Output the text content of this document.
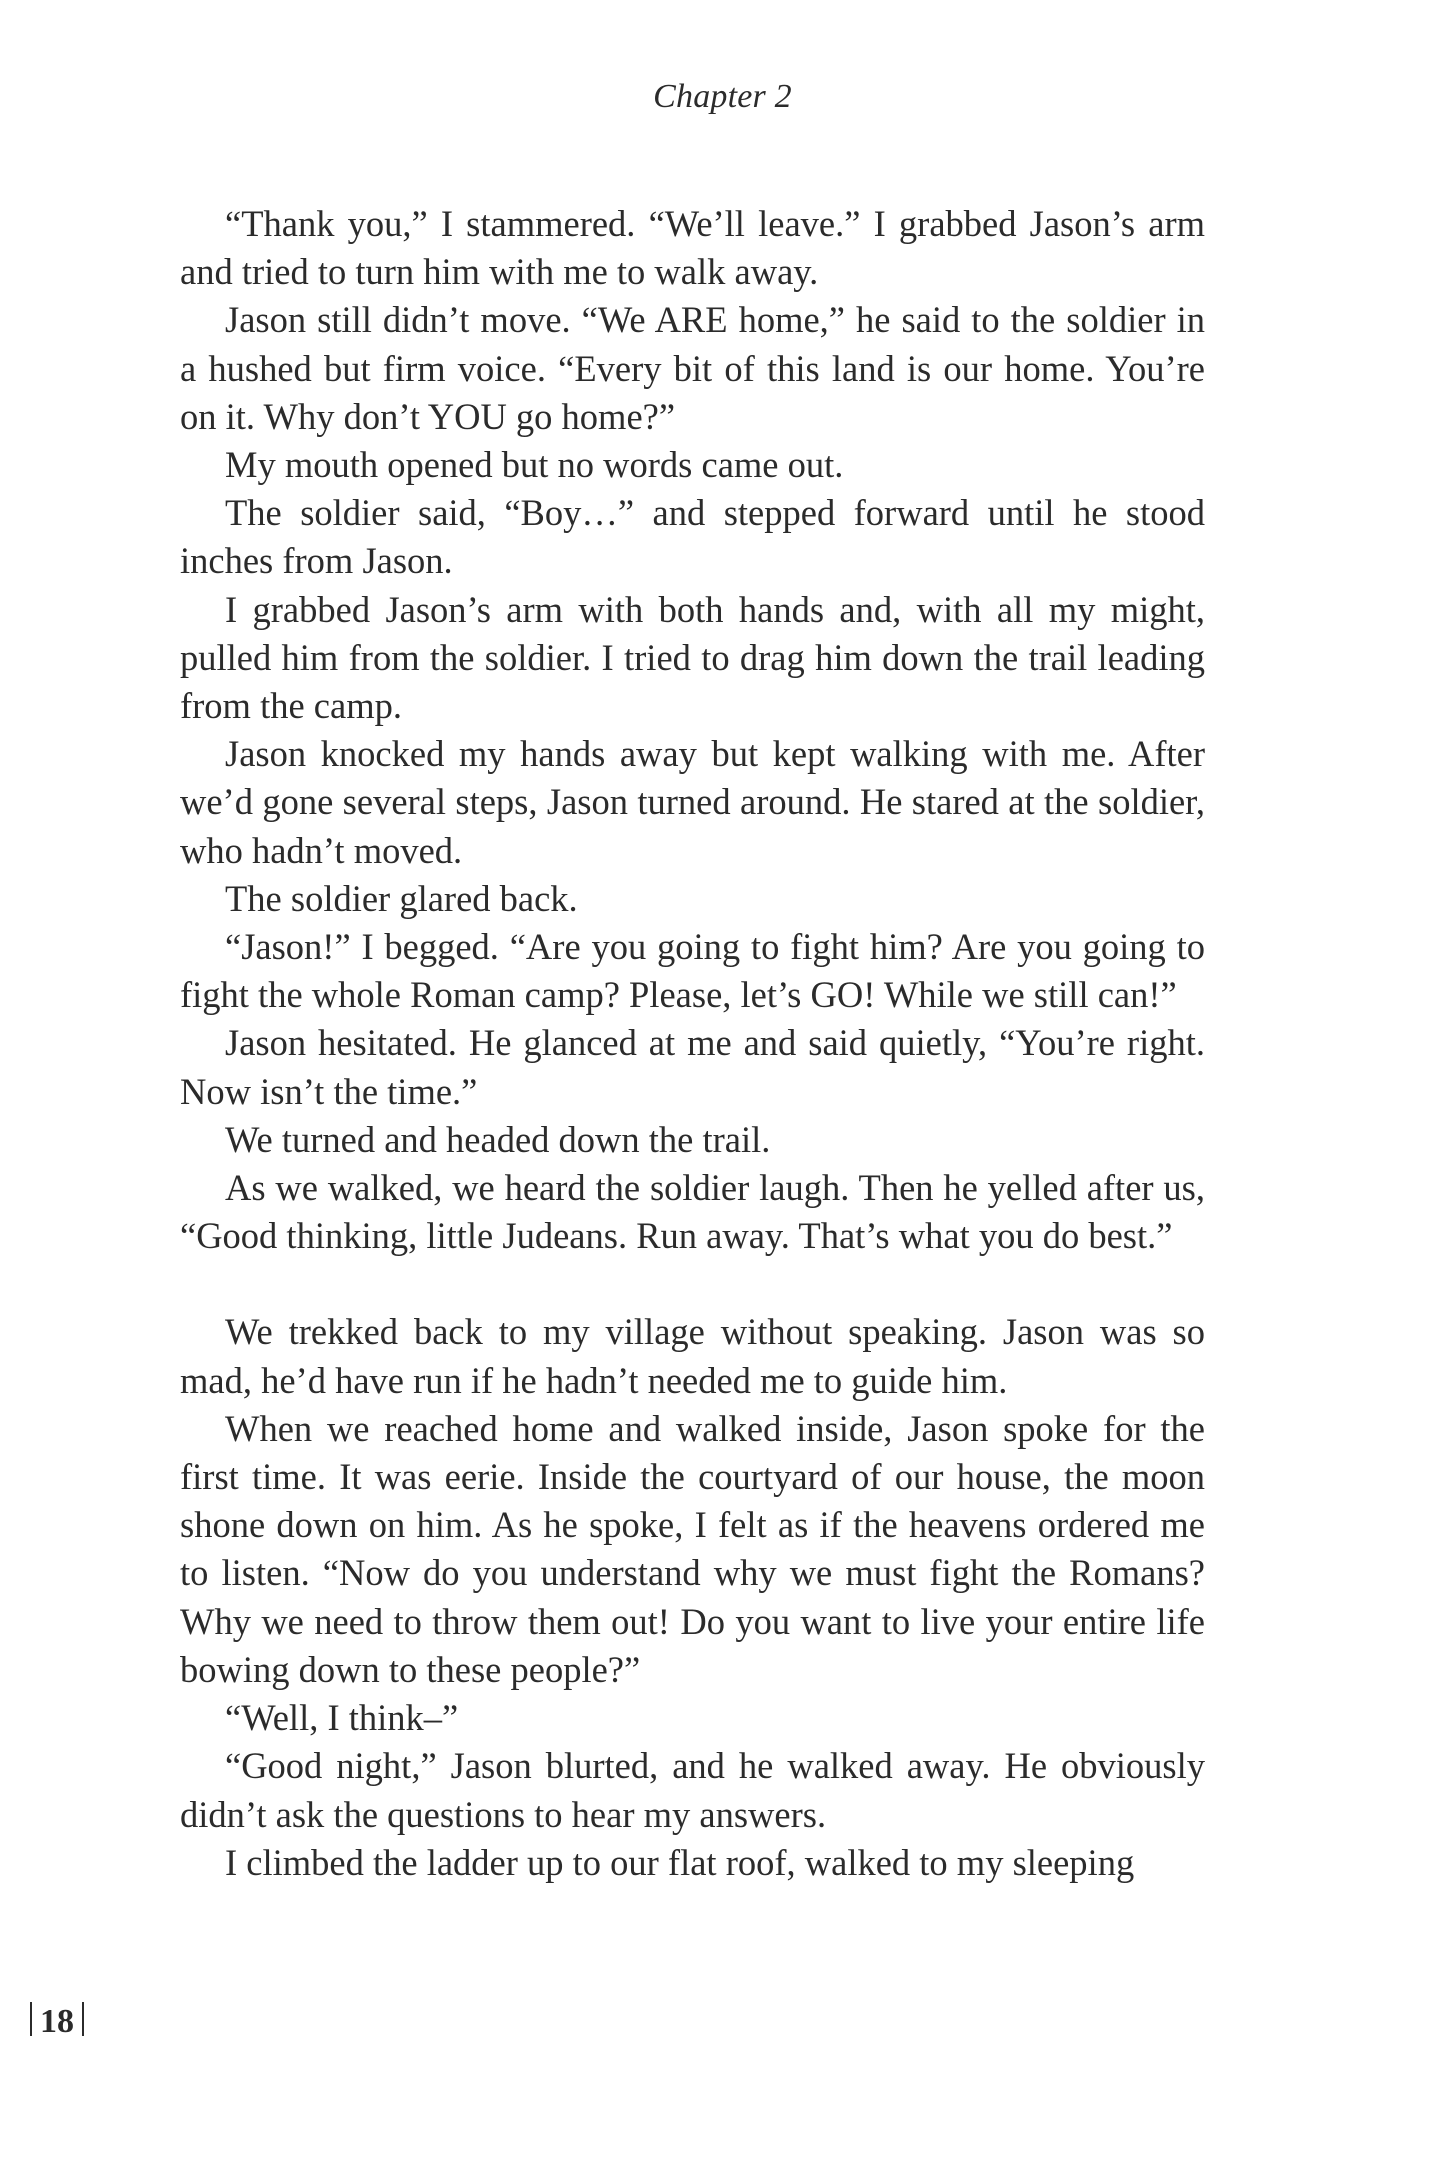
Chapter 2

“Thank you,” I stammered. “We’ll leave.” I grabbed Jason’s arm and tried to turn him with me to walk away.

Jason still didn’t move. “We ARE home,” he said to the soldier in a hushed but firm voice. “Every bit of this land is our home. You’re on it. Why don’t YOU go home?”

My mouth opened but no words came out.

The soldier said, “Boy…” and stepped forward until he stood inches from Jason.

I grabbed Jason’s arm with both hands and, with all my might, pulled him from the soldier. I tried to drag him down the trail leading from the camp.

Jason knocked my hands away but kept walking with me. After we’d gone several steps, Jason turned around. He stared at the soldier, who hadn’t moved.

The soldier glared back.

“Jason!” I begged. “Are you going to fight him? Are you going to fight the whole Roman camp? Please, let’s GO! While we still can!”

Jason hesitated. He glanced at me and said quietly, “You’re right. Now isn’t the time.”

We turned and headed down the trail.

As we walked, we heard the soldier laugh. Then he yelled after us, “Good thinking, little Judeans. Run away. That’s what you do best.”

We trekked back to my village without speaking. Jason was so mad, he’d have run if he hadn’t needed me to guide him.

When we reached home and walked inside, Jason spoke for the first time. It was eerie. Inside the courtyard of our house, the moon shone down on him. As he spoke, I felt as if the heavens ordered me to listen. “Now do you understand why we must fight the Romans? Why we need to throw them out! Do you want to live your entire life bowing down to these people?”

“Well, I think–”

“Good night,” Jason blurted, and he walked away. He obviously didn’t ask the questions to hear my answers.

I climbed the ladder up to our flat roof, walked to my sleeping

18
